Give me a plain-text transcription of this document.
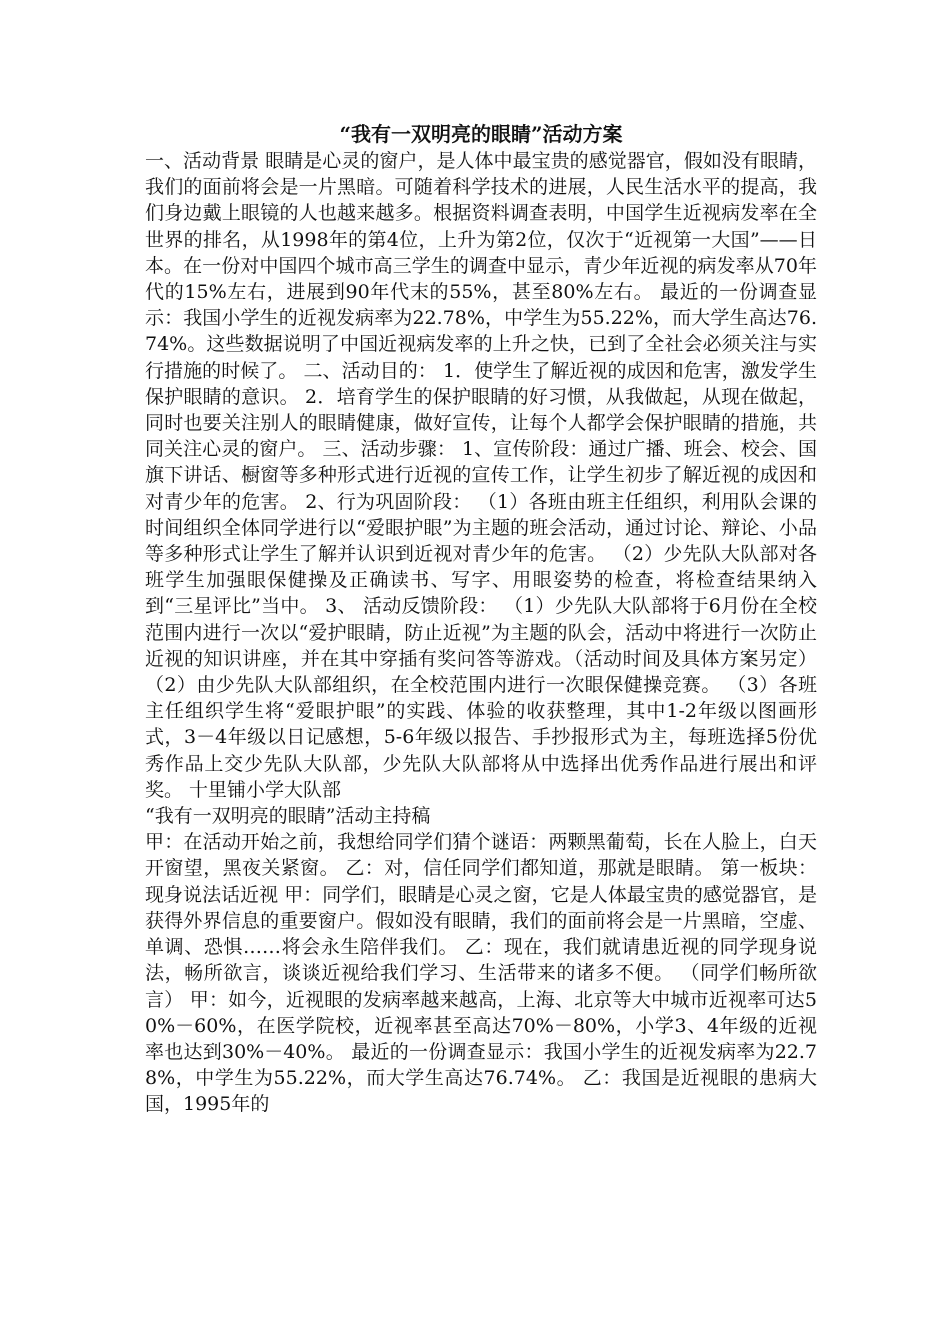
“我有一双明亮的眼睛”活动方案

一、活动背景 眼睛是心灵的窗户，是人体中最宝贵的感觉器官，假如没有眼睛，我们的面前将会是一片黑暗。可随着科学技术的进展，人民生活水平的提高，我们身边戴上眼镜的人也越来越多。根据资料调查表明，中国学生近视病发率在全世界的排名，从1998年的第4位，上升为第2位，仅次于“近视第一大国”——日本。在一份对中国四个城市高三学生的调查中显示，青少年近视的病发率从70年代的15%左右，进展到90年代末的55%，甚至80%左右。 最近的一份调查显示：我国小学生的近视发病率为22.78%，中学生为55.22%，而大学生高达76.74%。这些数据说明了中国近视病发率的上升之快，已到了全社会必须关注与实行措施的时候了。 二、活动目的： 1．使学生了解近视的成因和危害，激发学生保护眼睛的意识。 2．培育学生的保护眼睛的好习惯，从我做起，从现在做起，同时也要关注别人的眼睛健康，做好宣传，让每个人都学会保护眼睛的措施，共同关注心灵的窗户。 三、活动步骤： 1、宣传阶段：通过广播、班会、校会、国旗下讲话、橱窗等多种形式进行近视的宣传工作，让学生初步了解近视的成因和对青少年的危害。 2、行为巩固阶段： （1）各班由班主任组织，利用队会课的时间组织全体同学进行以“爱眼护眼”为主题的班会活动，通过讨论、辩论、小品等多种形式让学生了解并认识到近视对青少年的危害。 （2）少先队大队部对各班学生加强眼保健操及正确读书、写字、用眼姿势的检查，将检查结果纳入到“三星评比”当中。 3、 活动反馈阶段： （1）少先队大队部将于6月份在全校范围内进行一次以“爱护眼睛，防止近视”为主题的队会，活动中将进行一次防止近视的知识讲座，并在其中穿插有奖问答等游戏。（活动时间及具体方案另定） （2）由少先队大队部组织，在全校范围内进行一次眼保健操竞赛。 （3）各班主任组织学生将“爱眼护眼”的实践、体验的收获整理，其中1-2年级以图画形式，3－4年级以日记感想，5-6年级以报告、手抄报形式为主，每班选择5份优秀作品上交少先队大队部，少先队大队部将从中选择出优秀作品进行展出和评奖。 十里铺小学大队部

“我有一双明亮的眼睛”活动主持稿

甲：在活动开始之前，我想给同学们猜个谜语：两颗黑葡萄，长在人脸上，白天开窗望，黑夜关紧窗。 乙：对，信任同学们都知道，那就是眼睛。 第一板块：现身说法话近视 甲：同学们，眼睛是心灵之窗，它是人体最宝贵的感觉器官，是获得外界信息的重要窗户。假如没有眼睛，我们的面前将会是一片黑暗，空虚、单调、恐惧……将会永生陪伴我们。 乙：现在，我们就请患近视的同学现身说法，畅所欲言，谈谈近视给我们学习、生活带来的诸多不便。 （同学们畅所欲言） 甲：如今，近视眼的发病率越来越高，上海、北京等大中城市近视率可达50%－60%，在医学院校，近视率甚至高达70%－80%，小学3、4年级的近视率也达到30%－40%。 最近的一份调查显示：我国小学生的近视发病率为22.78%，中学生为55.22%，而大学生高达76.74%。 乙：我国是近视眼的患病大国，1995年的
